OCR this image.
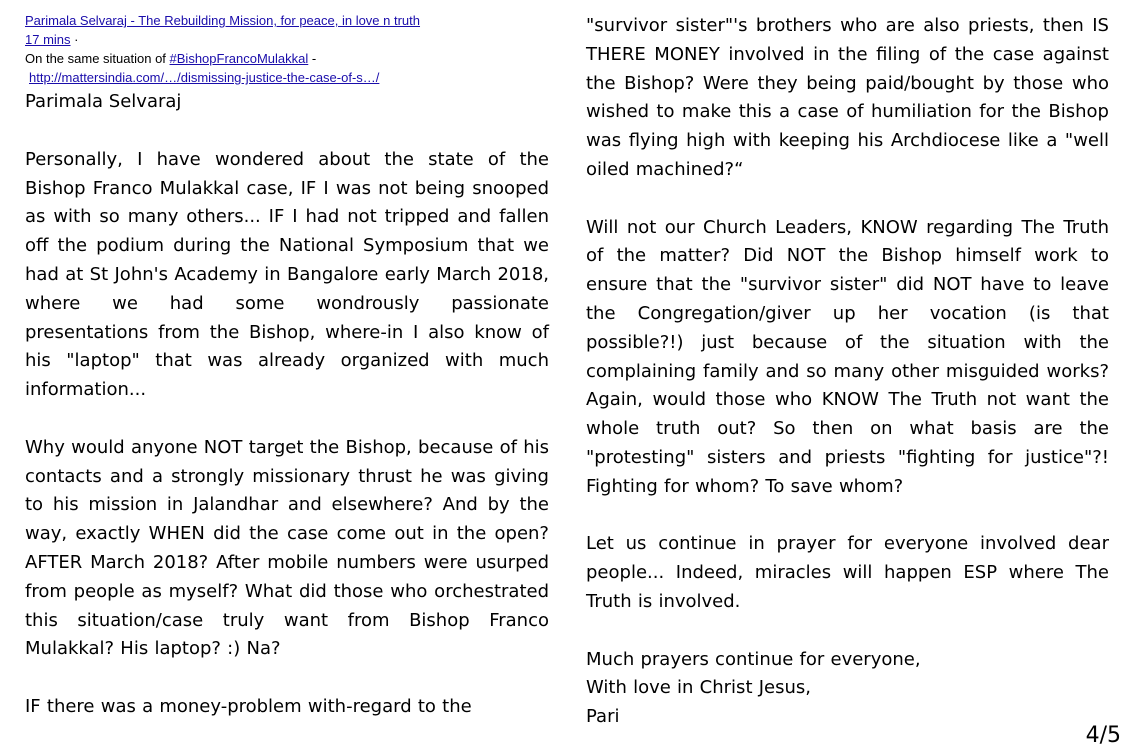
Parimala Selvaraj - The Rebuilding Mission, for peace, in love n truth
17 mins ·
On the same situation of #BishopFrancoMulakkal -
http://mattersindia.com/…/dismissing-justice-the-case-of-s…/
Parimala Selvaraj

Personally, I have wondered about the state of the Bishop Franco Mulakkal case, IF I was not being snooped as with so many others... IF I had not tripped and fallen off the podium during the National Symposium that we had at St John's Academy in Bangalore early March 2018, where we had some wondrously passionate presentations from the Bishop, where-in I also know of his "laptop" that was already organized with much information...

Why would anyone NOT target the Bishop, because of his contacts and a strongly missionary thrust he was giving to his mission in Jalandhar and elsewhere? And by the way, exactly WHEN did the case come out in the open? AFTER March 2018? After mobile numbers were usurped from people as myself? What did those who orchestrated this situation/case truly want from Bishop Franco Mulakkal? His laptop? :) Na?

IF there was a money-problem with-regard to the

"survivor sister"'s brothers who are also priests, then IS THERE MONEY involved in the filing of the case against the Bishop? Were they being paid/bought by those who wished to make this a case of humiliation for the Bishop was flying high with keeping his Archdiocese like a "well oiled machined?“

Will not our Church Leaders, KNOW regarding The Truth of the matter? Did NOT the Bishop himself work to ensure that the "survivor sister" did NOT have to leave the Congregation/giver up her vocation (is that possible?!) just because of the situation with the complaining family and so many other misguided works? Again, would those who KNOW The Truth not want the whole truth out? So then on what basis are the "protesting" sisters and priests "fighting for justice"?! Fighting for whom? To save whom?

Let us continue in prayer for everyone involved dear people... Indeed, miracles will happen ESP where The Truth is involved.

Much prayers continue for everyone,

With love in Christ Jesus,

Pari

4/5
